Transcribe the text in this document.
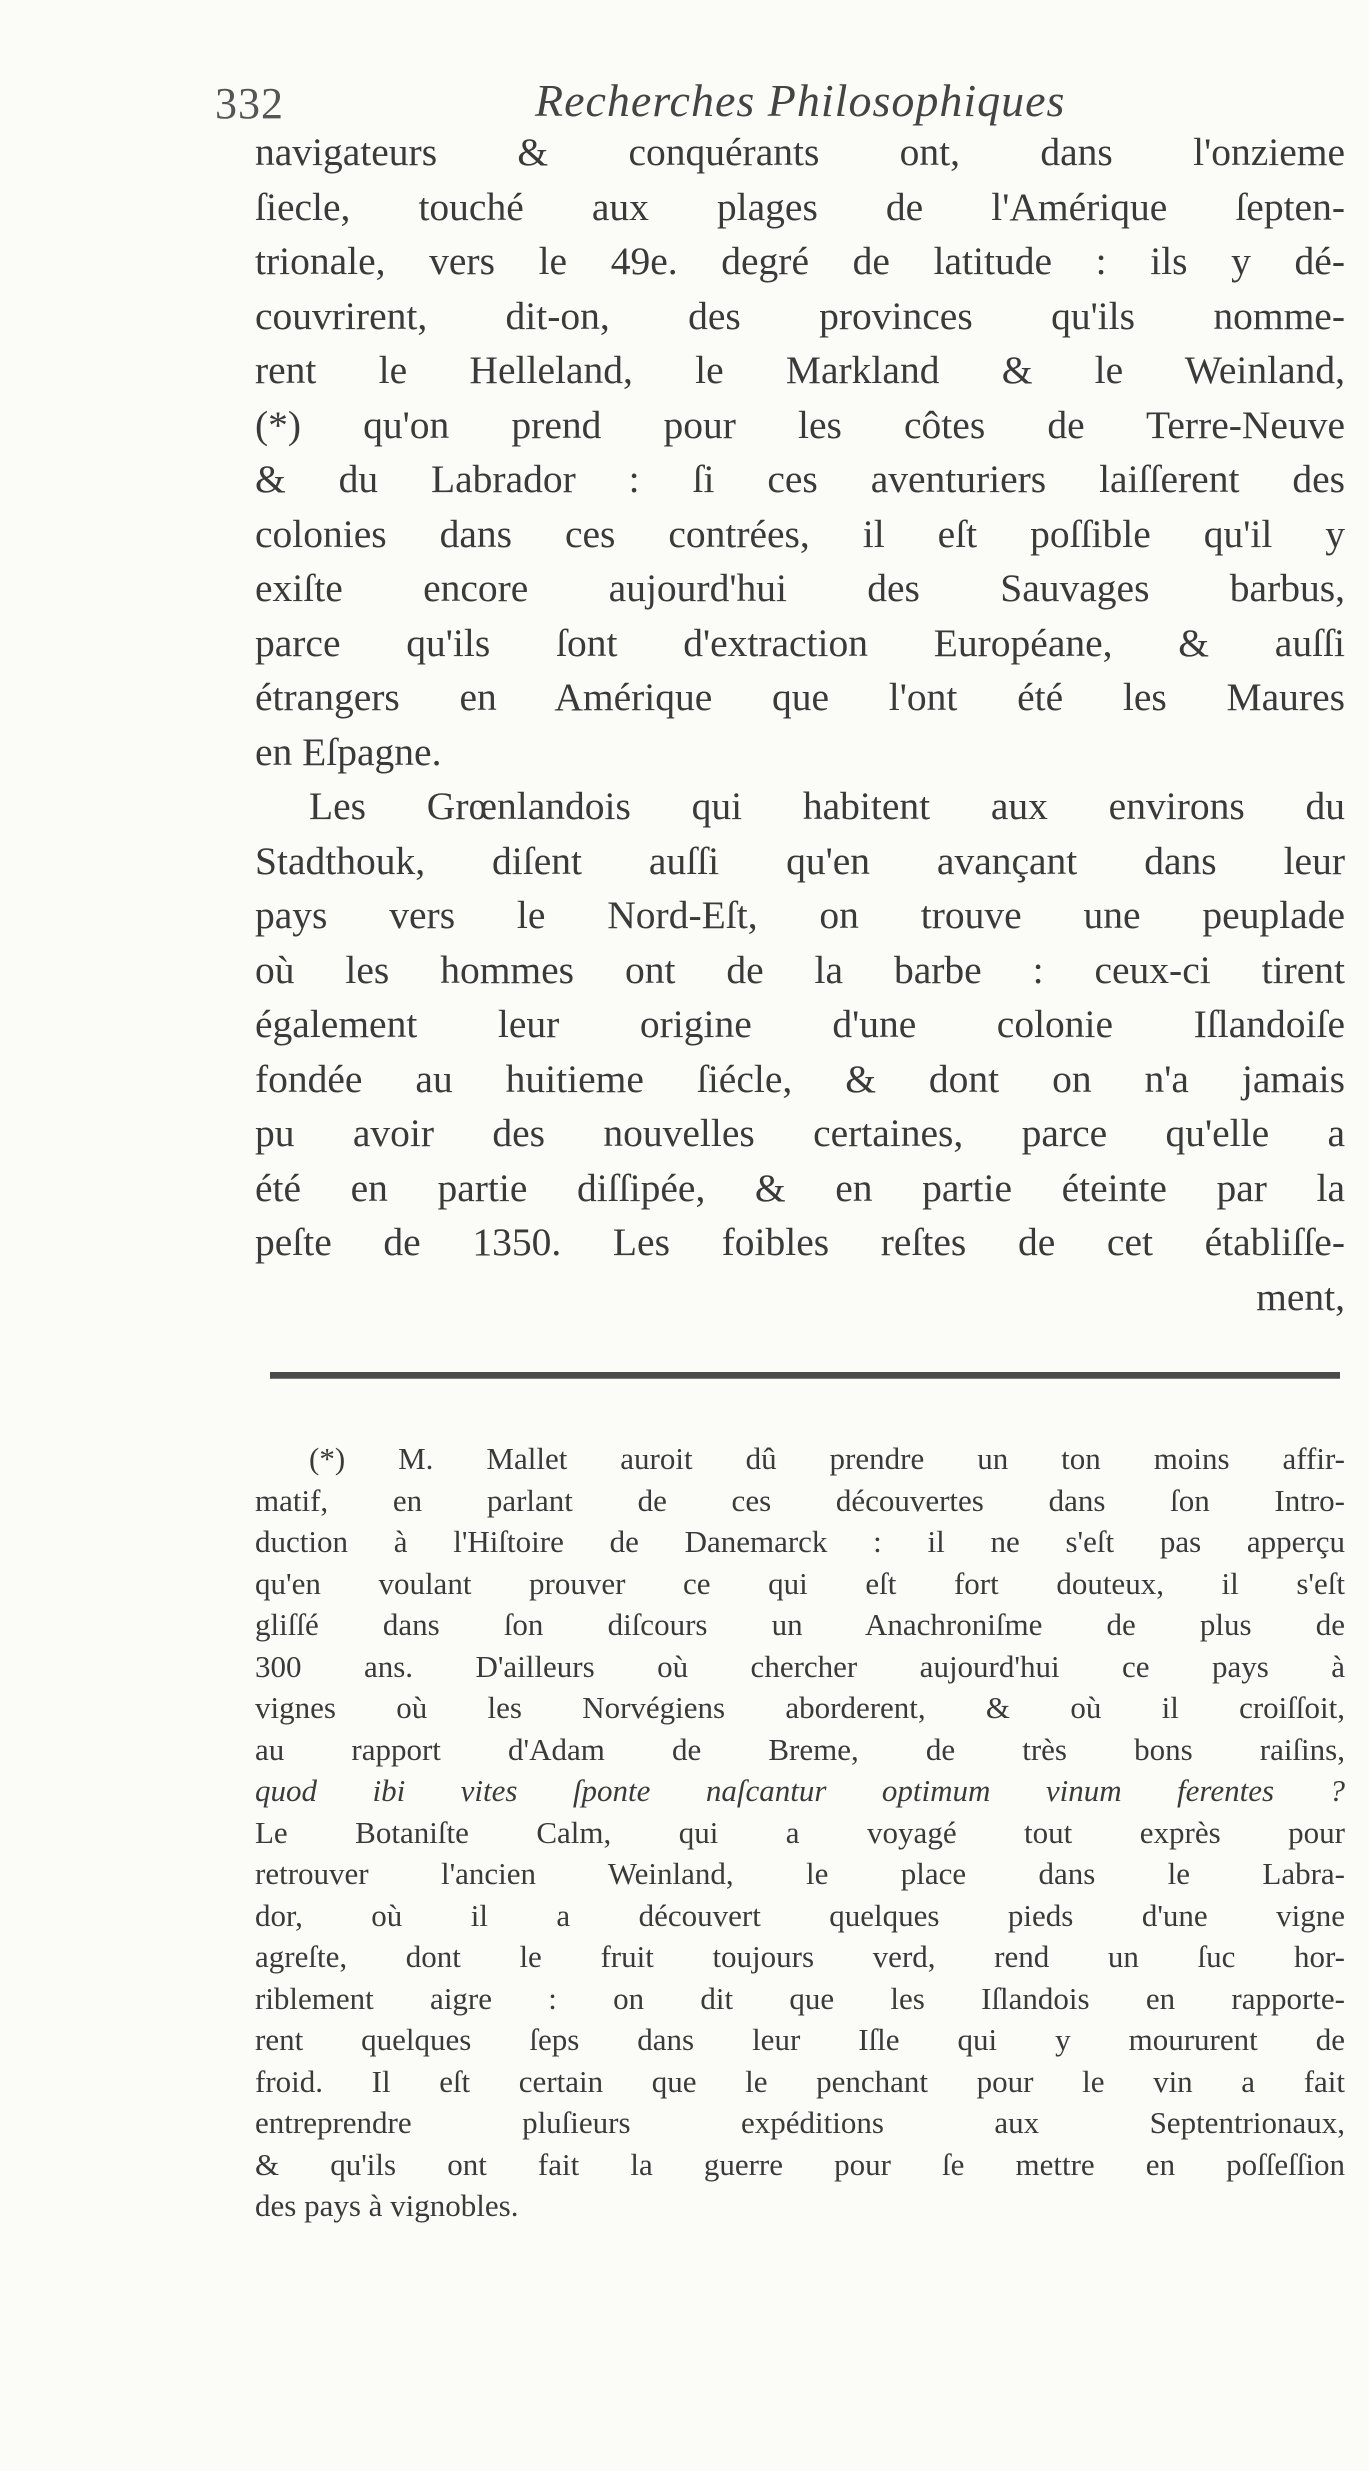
332	Recherches Philosophiques
navigateurs & conquérants ont, dans l'onzieme
ſiecle, touché aux plages de l'Amérique ſepten-
trionale, vers le 49e. degré de latitude : ils y dé-
couvrirent, dit-on, des provinces qu'ils nomme-
rent le Helleland, le Markland & le Weinland,
(*) qu'on prend pour les côtes de Terre-Neuve
& du Labrador : ſi ces aventuriers laiſſerent des
colonies dans ces contrées, il eſt poſſible qu'il y
exiſte encore aujourd'hui des Sauvages barbus,
parce qu'ils ſont d'extraction Européane, & auſſi
étrangers en Amérique que l'ont été les Maures
en Eſpagne.
Les Grœnlandois qui habitent aux environs du
Stadthouk, diſent auſſi qu'en avançant dans leur
pays vers le Nord-Eſt, on trouve une peuplade
où les hommes ont de la barbe : ceux-ci tirent
également leur origine d'une colonie Iſlandoiſe
fondée au huitieme ſiécle, & dont on n'a jamais
pu avoir des nouvelles certaines, parce qu'elle a
été en partie diſſipée, & en partie éteinte par la
peſte de 1350. Les foibles reſtes de cet établiſſe-
ment,
(*) M. Mallet auroit dû prendre un ton moins affir-
matif, en parlant de ces découvertes dans ſon Intro-
duction à l'Hiſtoire de Danemarck : il ne s'eſt pas apperçu
qu'en voulant prouver ce qui eſt fort douteux, il s'eſt
gliſſé dans ſon diſcours un Anachroniſme de plus de
300 ans. D'ailleurs où chercher aujourd'hui ce pays à
vignes où les Norvégiens aborderent, & où il croiſſoit,
au rapport d'Adam de Breme, de très bons raiſins,
quod ibi vites ſponte naſcantur optimum vinum ferentes ?
Le Botaniſte Calm, qui a voyagé tout exprès pour
retrouver l'ancien Weinland, le place dans le Labra-
dor, où il a découvert quelques pieds d'une vigne
agreſte, dont le fruit toujours verd, rend un ſuc hor-
riblement aigre : on dit que les Iſlandois en rapporte-
rent quelques ſeps dans leur Iſle qui y moururent de
froid. Il eſt certain que le penchant pour le vin a fait
entreprendre pluſieurs expéditions aux Septentrionaux,
& qu'ils ont fait la guerre pour ſe mettre en poſſeſſion
des pays à vignobles.
